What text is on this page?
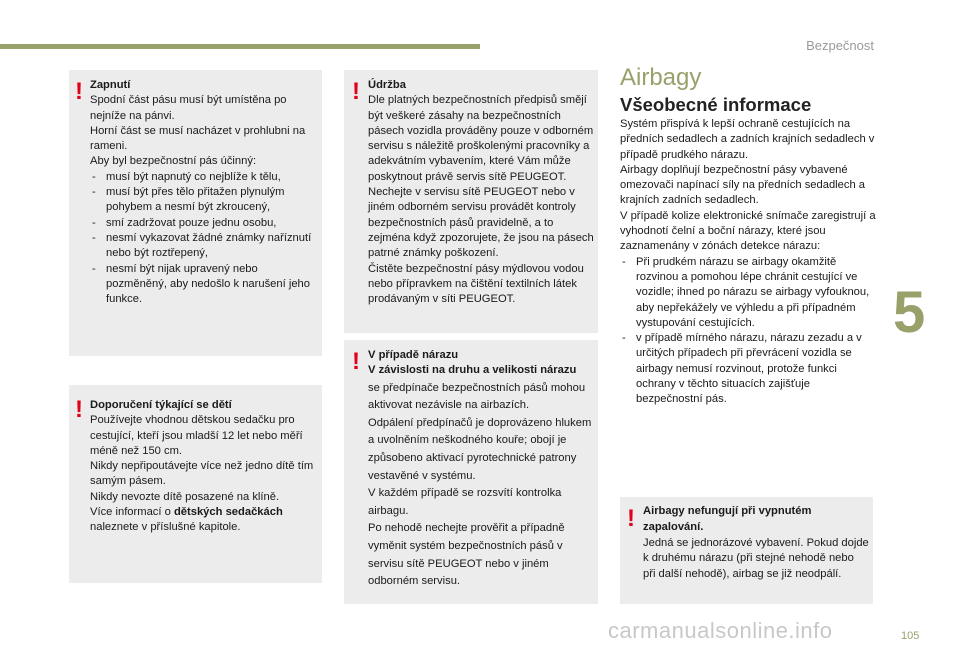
Bezpečnost
5
105
carmanualsonline.info
! Zapnutí

Spodní část pásu musí být umístěna po nejníže na pánvi.

Horní část se musí nacházet v prohlubni na rameni.

Aby byl bezpečnostní pás účinný:

- musí být napnutý co nejblíže k tělu,

- musí být přes tělo přitažen plynulým pohybem a nesmí být zkroucený,

- smí zadržovat pouze jednu osobu,

- nesmí vykazovat žádné známky naříznutí nebo být roztřepený,

- nesmí být nijak upravený nebo pozměněný, aby nedošlo k narušení jeho funkce.

! Doporučení týkající se dětí

Používejte vhodnou dětskou sedačku pro cestující, kteří jsou mladší 12 let nebo měří méně než 150 cm.

Nikdy nepřipoutávejte více než jedno dítě tím samým pásem.

Nikdy nevozte dítě posazené na klíně.

Více informací o dětských sedačkách naleznete v příslušné kapitole.

! Údržba

Dle platných bezpečnostních předpisů smějí být veškeré zásahy na bezpečnostních pásech vozidla prováděny pouze v odborném servisu s náležitě proškolenými pracovníky a adekvátním vybavením, které Vám může poskytnout právě servis sítě PEUGEOT.

Nechejte v servisu sítě PEUGEOT nebo v jiném odborném servisu provádět kontroly bezpečnostních pásů pravidelně, a to zejména když zpozorujete, že jsou na pásech patrné známky poškození.

Čistěte bezpečnostní pásy mýdlovou vodou nebo přípravkem na čištění textilních látek prodávaným v síti PEUGEOT.

! V případě nárazu

V závislosti na druhu a velikosti nárazu

se předpínače bezpečnostních pásů mohou aktivovat nezávisle na airbazích.

Odpálení předpínačů je doprovázeno hlukem a uvolněním neškodného kouře; obojí je způsobeno aktivací pyrotechnické patrony vestavěné v systému.

V každém případě se rozsvítí kontrolka airbagu.

Po nehodě nechejte prověřit a případně vyměnit systém bezpečnostních pásů v servisu sítě PEUGEOT nebo v jiném odborném servisu.

Airbagy
Všeobecné informace

Systém přispívá k lepší ochraně cestujících na předních sedadlech a zadních krajních sedadlech v případě prudkého nárazu.

Airbagy doplňují bezpečnostní pásy vybavené omezovači napínací síly na předních sedadlech a krajních zadních sedadlech.

V případě kolize elektronické snímače zaregistrují a vyhodnotí čelní a boční nárazy, které jsou zaznamenány v zónách detekce nárazu:

- Při prudkém nárazu se airbagy okamžitě rozvinou a pomohou lépe chránit cestující ve vozidle; ihned po nárazu se airbagy vyfouknou, aby nepřekážely ve výhledu a při případném vystupování cestujících.

- v případě mírného nárazu, nárazu zezadu a v určitých případech při převrácení vozidla se airbagy nemusí rozvinout, protože funkci ochrany v těchto situacích zajišťuje bezpečnostní pás.

! Airbagy nefungují při vypnutém zapalování.

Jedná se jednorázové vybavení. Pokud dojde k druhému nárazu (při stejné nehodě nebo při další nehodě), airbag se již neodpálí.
